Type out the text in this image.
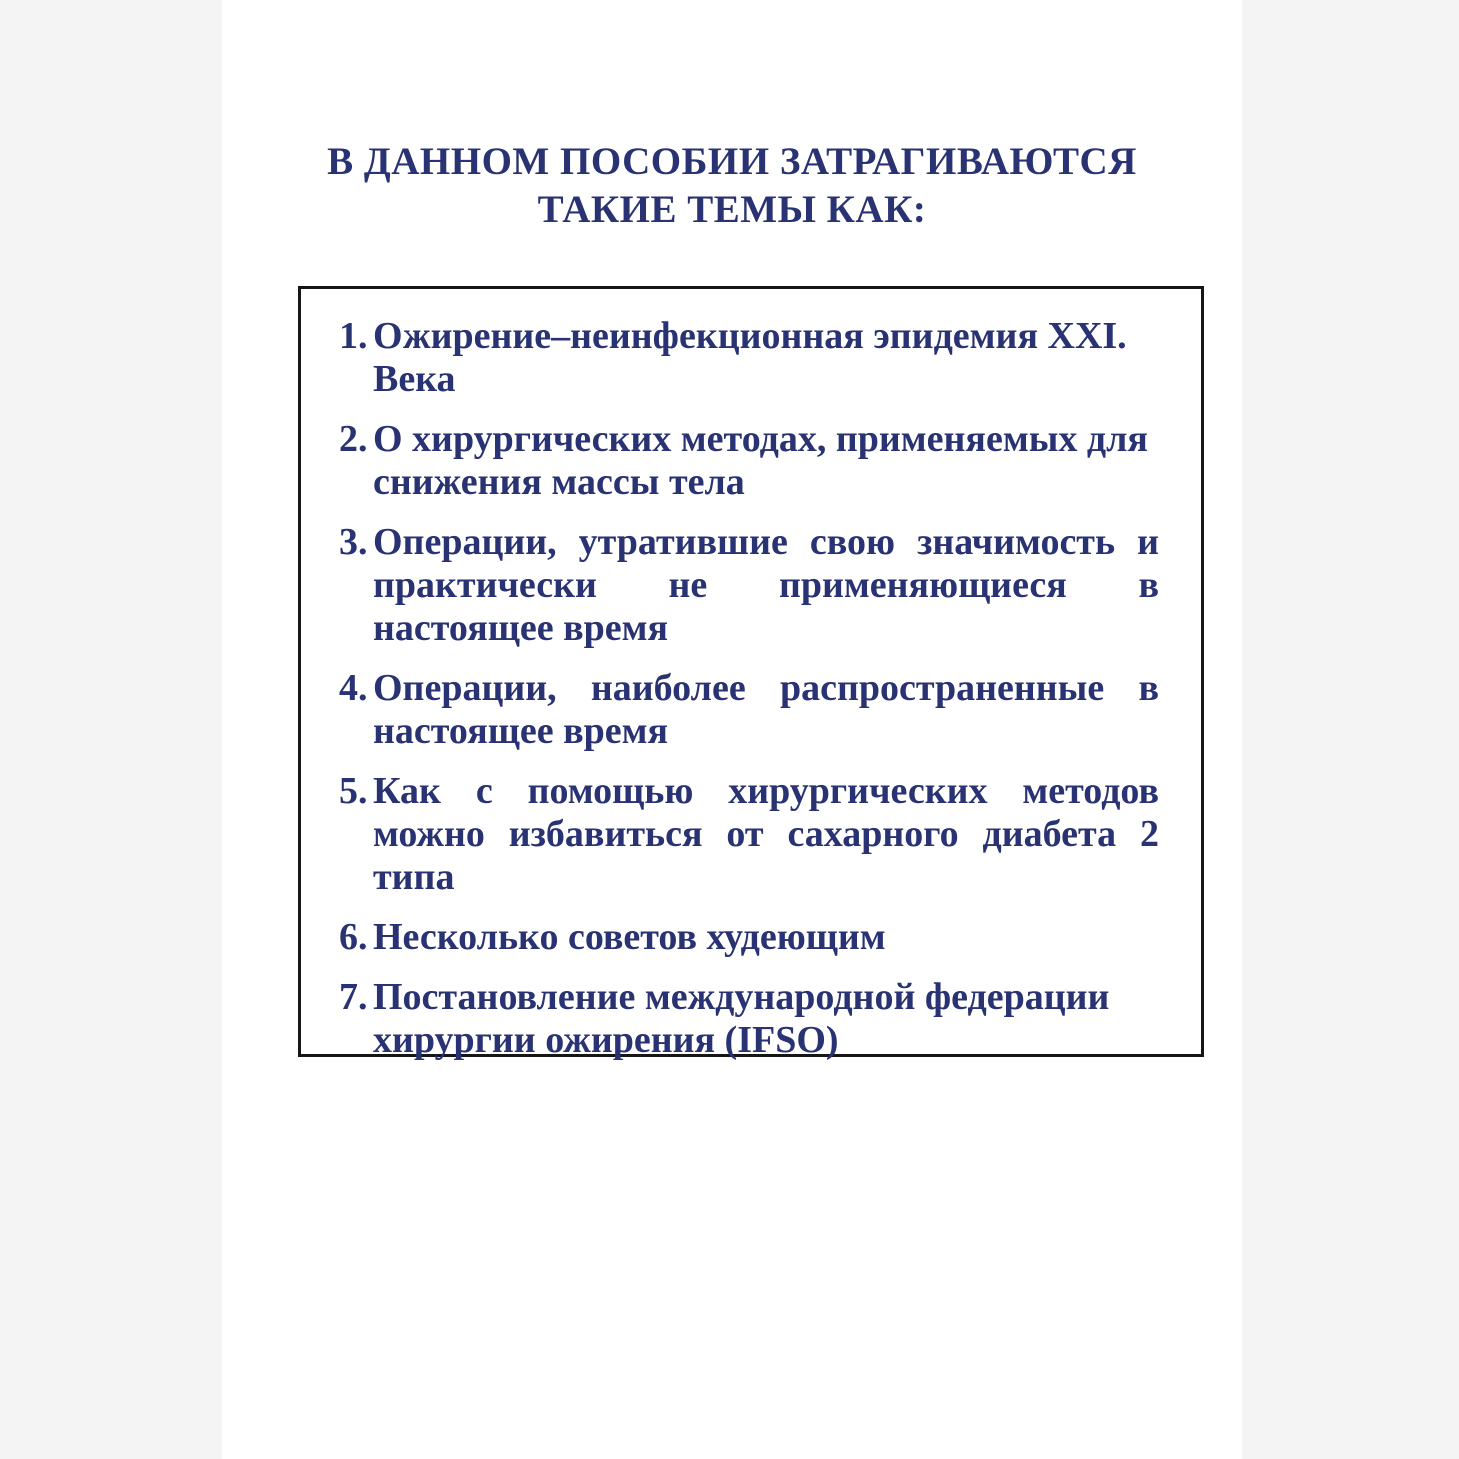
В ДАННОМ ПОСОБИИ ЗАТРАГИВАЮТСЯ
ТАКИЕ ТЕМЫ КАК:
1. Ожирение–неинфекционная эпидемия XXI. Века
2. О хирургических методах, применяемых для снижения массы тела
3. Операции, утратившие свою значимость и практически не применяющиеся в настоящее время
4. Операции, наиболее распространенные в настоящее время
5. Как с помощью хирургических методов можно избавиться от сахарного диабета 2 типа
6. Несколько советов худеющим
7. Постановление международной федерации хирургии ожирения (IFSO)
